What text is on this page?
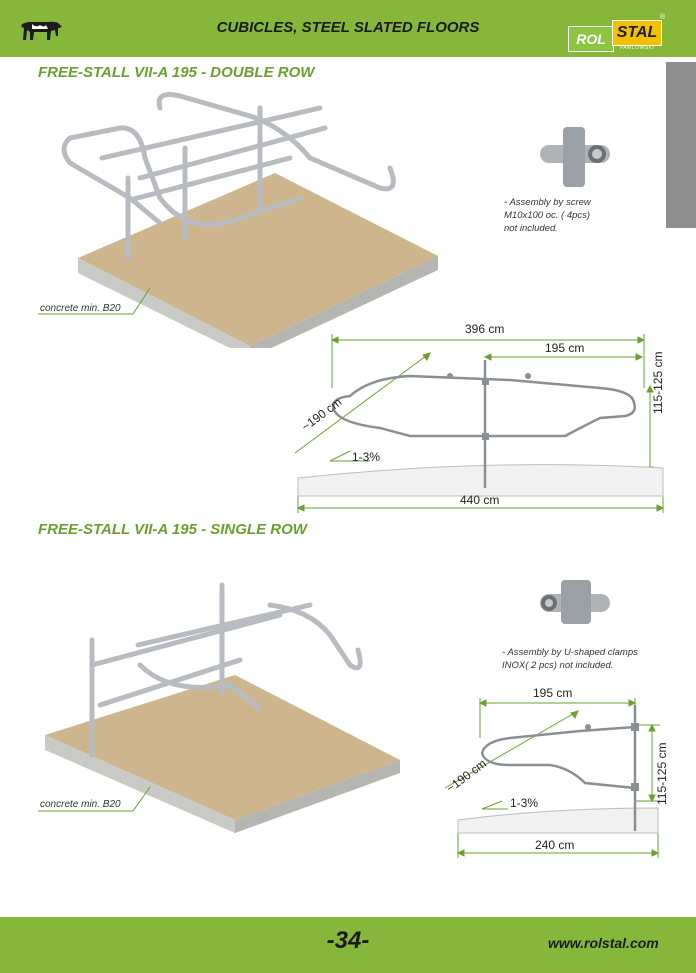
CUBICLES, STEEL SLATED FLOORS
ROL STAL
PAWLOWSKI
®
FREE-STALL VII-A 195 - DOUBLE ROW
- Assembly by screw
M10x100 oc. ( 4pcs)
not included.
concrete min. B20
396 cm
195 cm
115-125 cm
~190 cm
1-3%
440 cm
FREE-STALL VII-A 195 - SINGLE ROW
- Assembly by U-shaped clamps
INOX( 2 pcs) not included.
concrete min. B20
195 cm
115-125 cm
~190 cm
1-3%
240 cm
-34-	www.rolstal.com
